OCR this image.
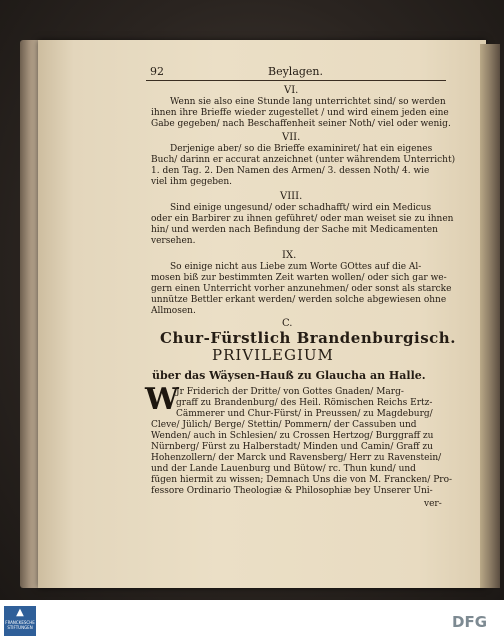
92	Beylagen.
VI.
Wenn sie also eine Stunde lang unterrichtet sind/ so werden
ihnen ihre Brieffe wieder zugestellet / und wird einem jeden eine
Gabe gegeben/ nach Beschaffenheit seiner Noth/ viel oder wenig.
VII.
Derjenige aber/ so die Brieffe examiniret/ hat ein eigenes
Buch/ darinn er accurat anzeichnet (unter währendem Unterricht)
1. den Tag. 2. Den Namen des Armen/ 3. dessen Noth/ 4. wie
viel ihm gegeben.
VIII.
Sind einige ungesund/ oder schadhafft/ wird ein Medicus
oder ein Barbirer zu ihnen geführet/ oder man weiset sie zu ihnen
hin/ und werden nach Befindung der Sache mit Medicamenten
versehen.
IX.
So einige nicht aus Liebe zum Worte GOttes auf die Al-
mosen biß zur bestimmten Zeit warten wollen/ oder sich gar we-
gern einen Unterricht vorher anzunehmen/ oder sonst als starcke
unnütze Bettler erkant werden/ werden solche abgewiesen ohne
Allmosen.
C.
Chur-Fürstlich Brandenburgisch.
PRIVILEGIUM
über das Wäysen-Hauß zu Glaucha an Halle.
W
Jr Friderich der Dritte/ von Gottes Gnaden/ Marg-
graff zu Brandenburg/ des Heil. Römischen Reichs Ertz-
Cämmerer und Chur-Fürst/ in Preussen/ zu Magdeburg/
Cleve/ Jülich/ Berge/ Stettin/ Pommern/ der Cassuben und
Wenden/ auch in Schlesien/ zu Crossen Hertzog/ Burggraff zu
Nürnberg/ Fürst zu Halberstadt/ Minden und Camin/ Graff zu
Hohenzollern/ der Marck und Ravensberg/ Herr zu Ravenstein/
und der Lande Lauenburg und Bütow/ rc. Thun kund/ und
fügen hiermit zu wissen; Demnach Uns die von M. Francken/ Pro-
fessore Ordinario Theologiæ & Philosophiæ bey Unserer Uni-
ver-
▲
FRANCKESCHE STIFTUNGEN	DFG
